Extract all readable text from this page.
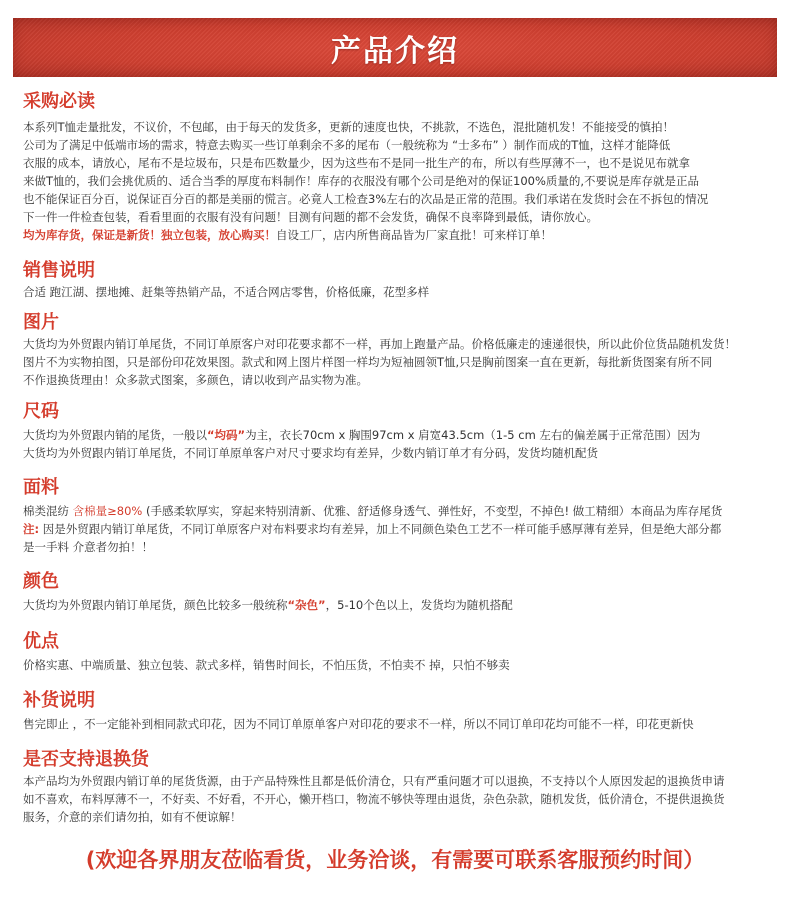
产品介绍
采购必读
本系列T恤走量批发，不议价，不包邮，由于每天的发货多，更新的速度也快，不挑款，不选色，混批随机发！不能接受的慎拍！
公司为了满足中低端市场的需求，特意去购买一些订单剩余不多的尾布（一般统称为 “士多布” ）制作而成的T恤，这样才能降低
衣服的成本，请放心，尾布不是垃圾布，只是布匹数量少，因为这些布不是同一批生产的布，所以有些厚薄不一，也不是说见布就拿
来做T恤的，我们会挑优质的、适合当季的厚度布料制作！库存的衣服没有哪个公司是绝对的保证100%质量的,不要说是库存就是正品
也不能保证百分百，说保证百分百的都是美丽的慌言。必竟人工检查3%左右的次品是正常的范围。我们承诺在发货时会在不拆包的情况
下一件一件检查包装，看看里面的衣服有没有问题！目测有问题的都不会发货，确保不良率降到最低，请你放心。
均为库存货，保证是新货！独立包装，放心购买！自设工厂，店内所售商品皆为厂家直批！可来样订单！
销售说明
合适 跑江湖、摆地摊、赶集等热销产品，不适合网店零售，价格低廉，花型多样
图片
大货均为外贸跟内销订单尾货，不同订单原客户对印花要求都不一样，再加上跑量产品。价格低廉走的速递很快，所以此价位货品随机发货！
图片不为实物拍图，只是部份印花效果图。款式和网上图片样图一样均为短袖圆领T恤,只是胸前图案一直在更新，每批新货图案有所不同
不作退换货理由！众多款式图案，多颜色，请以收到产品实物为准。
尺码
大货均为外贸跟内销的尾货，一般以“均码”为主，衣长70cm x 胸围97cm x 肩宽43.5cm（1-5 cm 左右的偏差属于正常范围）因为
大货均为外贸跟内销订单尾货，不同订单原单客户对尺寸要求均有差异，少数内销订单才有分码，发货均随机配货
面料
棉类混纺 含棉量≥80% (手感柔软厚实，穿起来特别清新、优雅、舒适修身透气、弹性好，不变型，不掉色! 做工精细）本商品为库存尾货
注: 因是外贸跟内销订单尾货，不同订单原客户对布料要求均有差异，加上不同颜色染色工艺不一样可能手感厚薄有差异，但是绝大部分都
是一手料 介意者勿拍！！
颜色
大货均为外贸跟内销订单尾货，颜色比较多一般统称“杂色”，5-10个色以上，发货均为随机搭配
优点
价格实惠、中端质量、独立包装、款式多样，销售时间长，不怕压货，不怕卖不 掉，只怕不够卖
补货说明
售完即止 ，不一定能补到相同款式印花，因为不同订单原单客户对印花的要求不一样，所以不同订单印花均可能不一样，印花更新快
是否支持退换货
本产品均为外贸跟内销订单的尾货货源，由于产品特殊性且都是低价清仓，只有严重问题才可以退换，不支持以个人原因发起的退换货申请
如不喜欢，布料厚薄不一，不好卖、不好看，不开心，懒开档口，物流不够快等理由退货，杂色杂款，随机发货，低价清仓，不提供退换货
服务，介意的亲们请勿拍，如有不便谅解！
(欢迎各界朋友莅临看货，业务洽谈，有需要可联系客服预约时间）
